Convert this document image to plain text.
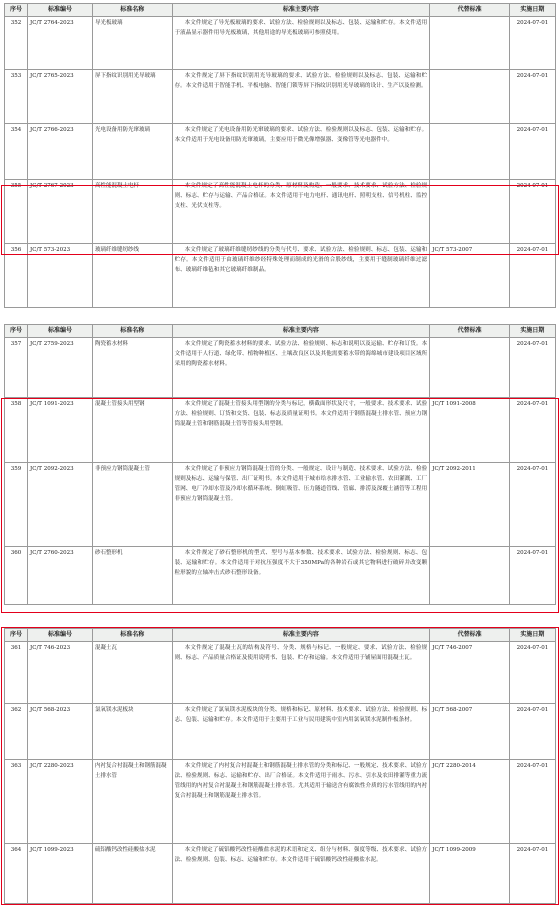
序号	标准编号	标准名称	标准主要内容	代替标准	实施日期
352	JC/T 2764-2023	导光板玻璃	本文件规定了导光板玻璃的要求、试验方法、检验规则以及标志、包装、运输和贮存。本文件适用于液晶显示器件用导光板玻璃，其他用途的导光板玻璃可参照使用。		2024-07-01
353	JC/T 2765-2023	屏下指纹识别用光导玻璃	本文件规定了屏下指纹识别用光导玻璃的要求、试验方法、检验规则以及标志、包装、运输和贮存。本文件适用于智能手机、平板电脑、智能门锁等屏下指纹识别用光导玻璃的设计、生产以及检测。		2024-07-01
354	JC/T 2766-2023	光电设备用防光窜玻璃	本文件规定了光电设备用防光窜玻璃的要求、试验方法、检验规则以及标志、包装、运输和贮存。本文件适用于光电设备用防光窜玻璃，主要应用于微光像增强器、变像管等光电器件中。		2024-07-01
355	JC/T 2767-2023	高性能混凝土电杆	本文件规定了高性能混凝土电杆的分类、原材料及构造、一般要求、技术要求、试验方法、检验规则、标志、贮存与运输、产品合格证。本文件适用于电力电杆、通讯电杆、照明支柱、信号机柱、监控支柱、光伏支柱等。		2024-07-01
356	JC/T 573-2023	玻璃纤维缝纫纱线	本文件规定了玻璃纤维缝纫纱线的分类与代号、要求、试验方法、检验规则、标志、包装、运输和贮存。本文件适用于由玻璃纤维纱经特殊处理而制成的光滑的合股纱线，主要用于缝制玻璃纤维过滤布、玻璃纤维毡和其它玻璃纤维制品。	JC/T 573-2007	2024-07-01
序号	标准编号	标准名称	标准主要内容	代替标准	实施日期
357	JC/T 2759-2023	陶瓷蓄水材料	本文件规定了陶瓷蓄水材料的要求、试验方法、检验规则、标志和说明以及运输、贮存和订货。本文件适用于人行道、绿化带、植物种植区、土壤改良区以及其他需要蓄水带的海绵城市建设项目区域所采用的陶瓷蓄水材料。		2024-07-01
358	JC/T 1091-2023	混凝土管接头用型钢	本文件规定了混凝土管接头用型钢的分类与标记，横截面形状及尺寸，一般要求、技术要求、试验方法、检验规则、订货和交货、包装、标志及质量证明书。本文件适用于钢筋混凝土排水管、预应力钢筒混凝土管和钢筋混凝土管等管接头用型钢。	JC/T 1091-2008	2024-07-01
359	JC/T 2092-2023	非预应力钢筒混凝土管	本文件规定了非预应力钢筒混凝土管的分类、一般规定、设计与制造、技术要求、试验方法、检验规则及标志、运输与保管、出厂证明书。本文件适用于城市给水排水管、工业输水管、农田灌溉、工厂管网、电厂冷却水管及冷却水循环系统、倒虹吸管、压力隧道管线、管廊、排涝及深覆土涵管等工程用非预应力钢筒混凝土管。	JC/T 2092-2011	2024-07-01
360	JC/T 2760-2023	砂石整形机	本文件规定了砂石整形机的型式、型号与基本参数、技术要求、试验方法、检验规则、标志、包装、运输和贮存。本文件适用于对抗压强度不大于350MPa的各种岩石或其它物料进行破碎并改变颗粒形貌的立轴冲击式砂石整形设备。		2024-07-01
序号	标准编号	标准名称	标准主要内容	代替标准	实施日期
361	JC/T 746-2023	混凝土瓦	本文件规定了混凝土瓦的结构及符号、分类、规格与标记、一般规定、要求、试验方法、检验规则、标志、产品质量合格证及使用说明书、包装、贮存和运输。本文件适用于铺屋面用混凝土瓦。	JC/T 746-2007	2024-07-01
362	JC/T 568-2023	氯氧镁水泥板块	本文件规定了氯氧镁水泥板块的分类、规格和标记、原材料、技术要求、试验方法、检验规则、标志、包装、运输和贮存。本文件适用于主要用于工业与民用建筑中室内用氯氧镁水泥制作板条材。	JC/T 568-2007	2024-07-01
363	JC/T 2280-2023	内衬复合衬混凝土和钢筋混凝土排水管	本文件规定了内衬复合衬混凝土和钢筋混凝土排水管的分类和标记、一般规定、技术要求、试验方法、检验规则、标志、运输和贮存、出厂合格证。本文件适用于雨水、污水、引水及农田排灌等重力流管线用的内衬复合衬混凝土和钢筋混凝土排水管。尤其适用于输送含有腐蚀性介质的污水管线用的内衬复合衬混凝土和钢筋混凝土排水管。	JC/T 2280-2014	2024-07-01
364	JC/T 1099-2023	硫铝酸钙改性硅酸盐水泥	本文件规定了硫铝酸钙改性硅酸盐水泥的术语和定义、组分与材料、强度等级、技术要求、试验方法、检验规则、包装、标志、运输和贮存。本文件适用于硫铝酸钙改性硅酸盐水泥。	JC/T 1099-2009	2024-07-01
